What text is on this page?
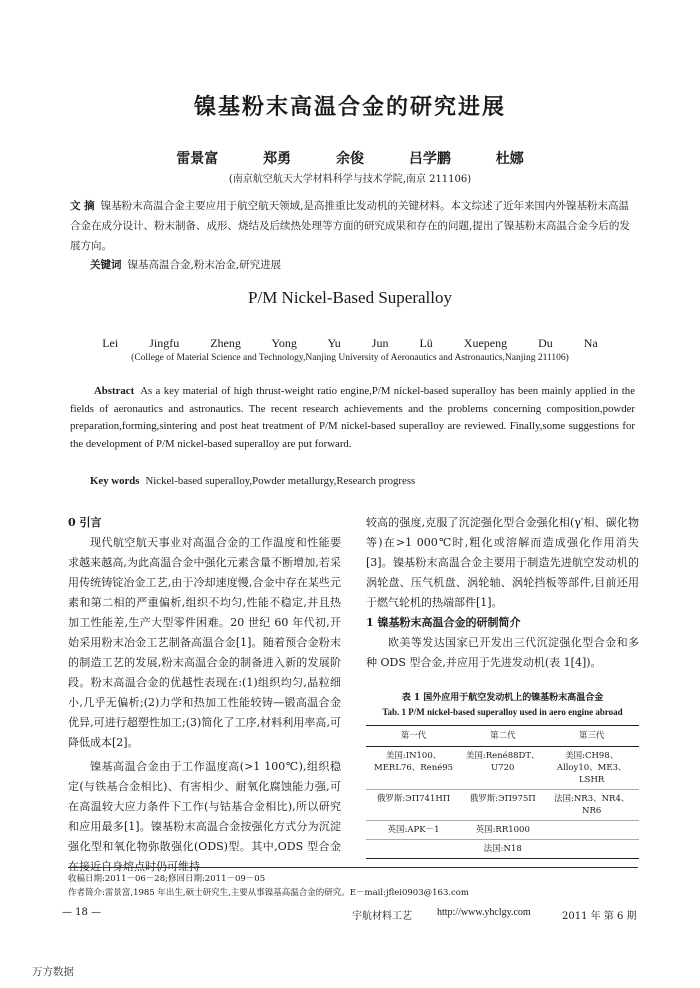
镍基粉末高温合金的研究进展
雷景富 郑勇 余俊 吕学鹏 杜娜
(南京航空航天大学材料科学与技术学院,南京 211106)
文 摘 镍基粉末高温合金主要应用于航空航天领域,是高推重比发动机的关键材料。本文综述了近年来国内外镍基粉末高温合金在成分设计、粉末制备、成形、烧结及后续热处理等方面的研究成果和存在的问题,提出了镍基粉末高温合金今后的发展方向。
关键词 镍基高温合金,粉末冶金,研究进展
P/M Nickel-Based Superalloy
Lei Jingfu Zheng Yong Yu Jun Lü Xuepeng Du Na
(College of Material Science and Technology,Nanjing University of Aeronautics and Astronautics,Nanjing 211106)
Abstract As a key material of high thrust-weight ratio engine,P/M nickel-based superalloy has been mainly applied in the fields of aeronautics and astronautics. The recent research achievements and the problems concerning composition,powder preparation,forming,sintering and post heat treatment of P/M nickel-based superalloy are reviewed. Finally,some suggestions for the development of P/M nickel-based superalloy are put forward.
Key words Nickel-based superalloy,Powder metallurgy,Research progress
0 引言

现代航空航天事业对高温合金的工作温度和性能要求越来越高,为此高温合金中强化元素含量不断增加,若采用传统铸锭冶金工艺,由于冷却速度慢,合金中存在某些元素和第二相的严重偏析,组织不均匀,性能不稳定,并且热加工性能差,生产大型零件困难。20 世纪 60 年代初,开始采用粉末冶金工艺制备高温合金[1]。随着预合金粉末的制造工艺的发展,粉末高温合金的制备进入新的发展阶段。粉末高温合金的优越性表现在:(1)组织均匀,晶粒细小,几乎无偏析;(2)力学和热加工性能较铸—锻高温合金优异,可进行超塑性加工;(3)简化了工序,材料利用率高,可降低成本[2]。

镍基高温合金由于工作温度高(>1 100℃),组织稳定(与铁基合金相比)、有害相少、耐氧化腐蚀能力强,可在高温较大应力条件下工作(与钴基合金相比),所以研究和应用最多[1]。镍基粉末高温合金按强化方式分为沉淀强化型和氧化物弥散强化(ODS)型。其中,ODS 型合金在接近自身熔点时仍可维持

较高的强度,克服了沉淀强化型合金强化相(γ′相、碳化物等)在>1 000℃时,粗化或溶解而造成强化作用消失[3]。镍基粉末高温合金主要用于制造先进航空发动机的涡轮盘、压气机盘、涡轮轴、涡轮挡板等部件,目前还用于燃气轮机的热端部件[1]。

1 镍基粉末高温合金的研制简介

欧美等发达国家已开发出三代沉淀强化型合金和多种 ODS 型合金,并应用于先进发动机(表 1[4])。

表 1 国外应用于航空发动机上的镍基粉末高温合金
Tab. 1 P/M nickel-based superalloy used in aero engine abroad
第一代	第二代	第三代
美国:IN100、MERL76、René95	美国:René88DT、U720	美国:CH98、Alloy10、ME3、LSHR
俄罗斯:ЭП741НП	俄罗斯:ЭП975П	法国:NR3、NR4、NR6
英国:APK－1	英国:RR1000	
	法国:N18	
收稿日期:2011－06－28;修回日期:2011－09－05
作者简介:雷景富,1985 年出生,硕士研究生,主要从事镍基高温合金的研究。E－mail:jflei0903@163.com
— 18 —	宇航材料工艺	http://www.yhclgy.com	2011 年 第 6 期
万方数据
